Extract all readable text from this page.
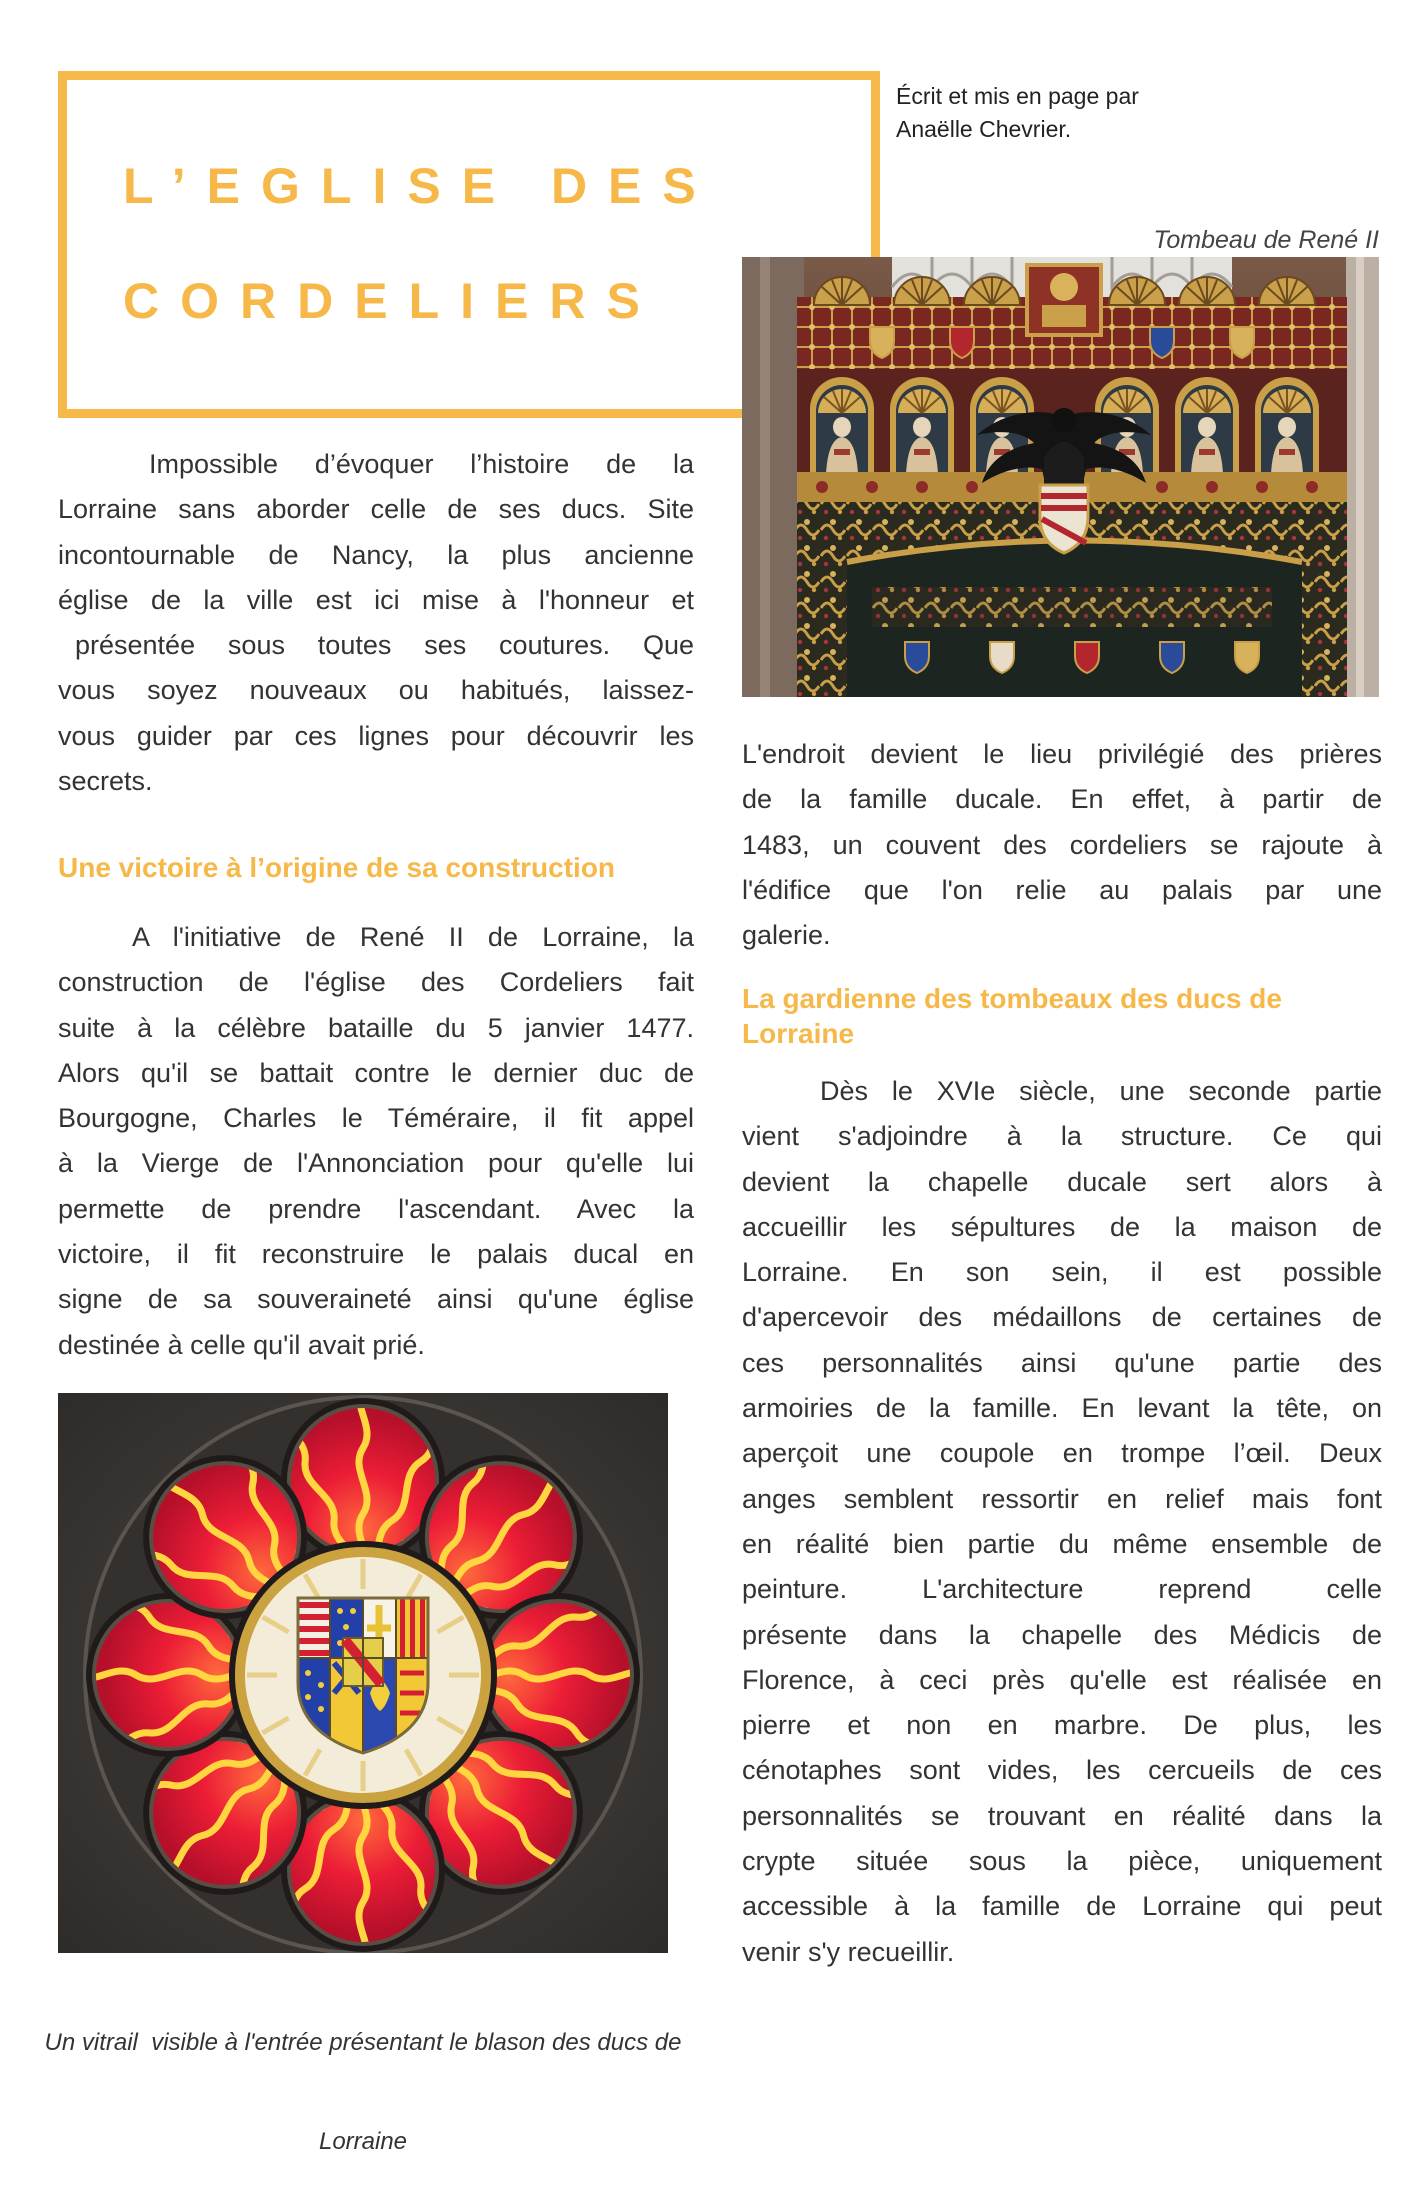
L’EGLISE DES
CORDELIERS
Écrit et mis en page par
Anaëlle Chevrier.
Tombeau de René II
Impossible d’évoquer l’histoire de la
Lorraine sans aborder celle de ses ducs. Site
incontournable de Nancy, la plus ancienne
église de la ville est ici mise à l'honneur et
présentée sous toutes ses coutures. Que
vous soyez nouveaux ou habitués, laissez-
vous guider par ces lignes pour découvrir les
secrets.
Une victoire à l’origine de sa construction
A l'initiative de René II de Lorraine, la
construction de l'église des Cordeliers fait
suite à la célèbre bataille du 5 janvier 1477.
Alors qu'il se battait contre le dernier duc de
Bourgogne, Charles le Téméraire, il fit appel
à la Vierge de l'Annonciation pour qu'elle lui
permette de prendre l'ascendant. Avec la
victoire, il fit reconstruire le palais ducal en
signe de sa souveraineté ainsi qu'une église
destinée à celle qu'il avait prié.

Un vitrail  visible à l'entrée présentant le blason des ducs de

Lorraine

L'endroit devient le lieu privilégié des prières
de la famille ducale. En effet, à partir de
1483, un couvent des cordeliers se rajoute à
l'édifice que l'on relie au palais par une
galerie.
La gardienne des tombeaux des ducs de
Lorraine
Dès le XVIe siècle, une seconde partie
vient s'adjoindre à la structure. Ce qui
devient la chapelle ducale sert alors à
accueillir les sépultures de la maison de
Lorraine. En son sein, il est possible
d'apercevoir des médaillons de certaines de
ces personnalités ainsi qu'une partie des
armoiries de la famille. En levant la tête, on
aperçoit une coupole en trompe l’œil. Deux
anges semblent ressortir en relief mais font
en réalité bien partie du même ensemble de
peinture. L'architecture reprend celle
présente dans la chapelle des Médicis de
Florence, à ceci près qu'elle est réalisée en
pierre et non en marbre. De plus, les
cénotaphes sont vides, les cercueils de ces
personnalités se trouvant en réalité dans la
crypte située sous la pièce, uniquement
accessible à la famille de Lorraine qui peut
venir s'y recueillir.
